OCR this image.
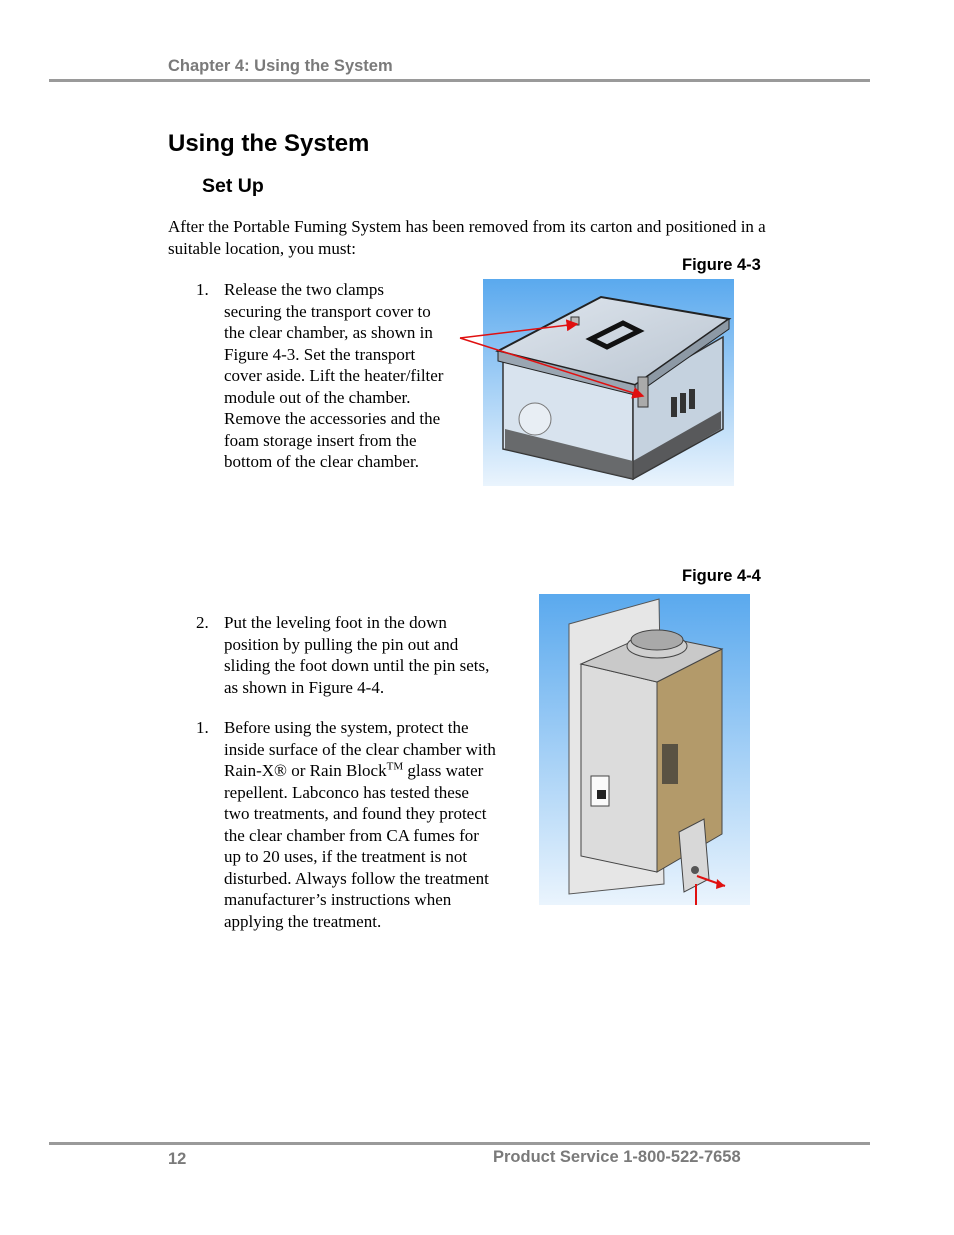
Chapter 4: Using the System
Using the System
Set Up
After the Portable Fuming System has been removed from its carton and positioned in a suitable location, you must:
Figure 4-3
1. Release the two clamps
securing the transport cover to
the clear chamber, as shown in
Figure 4-3. Set the transport
cover aside. Lift the heater/filter
module out of the chamber.
Remove the accessories and the
foam storage insert from the
bottom of the clear chamber.
Figure 4-4
2. Put the leveling foot in the down
position by pulling the pin out and
sliding the foot down until the pin sets,
as shown in Figure 4-4.
1. Before using the system, protect the
inside surface of the clear chamber with
Rain-X® or Rain Block™ glass water
repellent. Labconco has tested these
two treatments, and found they protect
the clear chamber from CA fumes for
up to 20 uses, if the treatment is not
disturbed. Always follow the treatment
manufacturer’s instructions when
applying the treatment.
12	Product Service 1-800-522-7658
